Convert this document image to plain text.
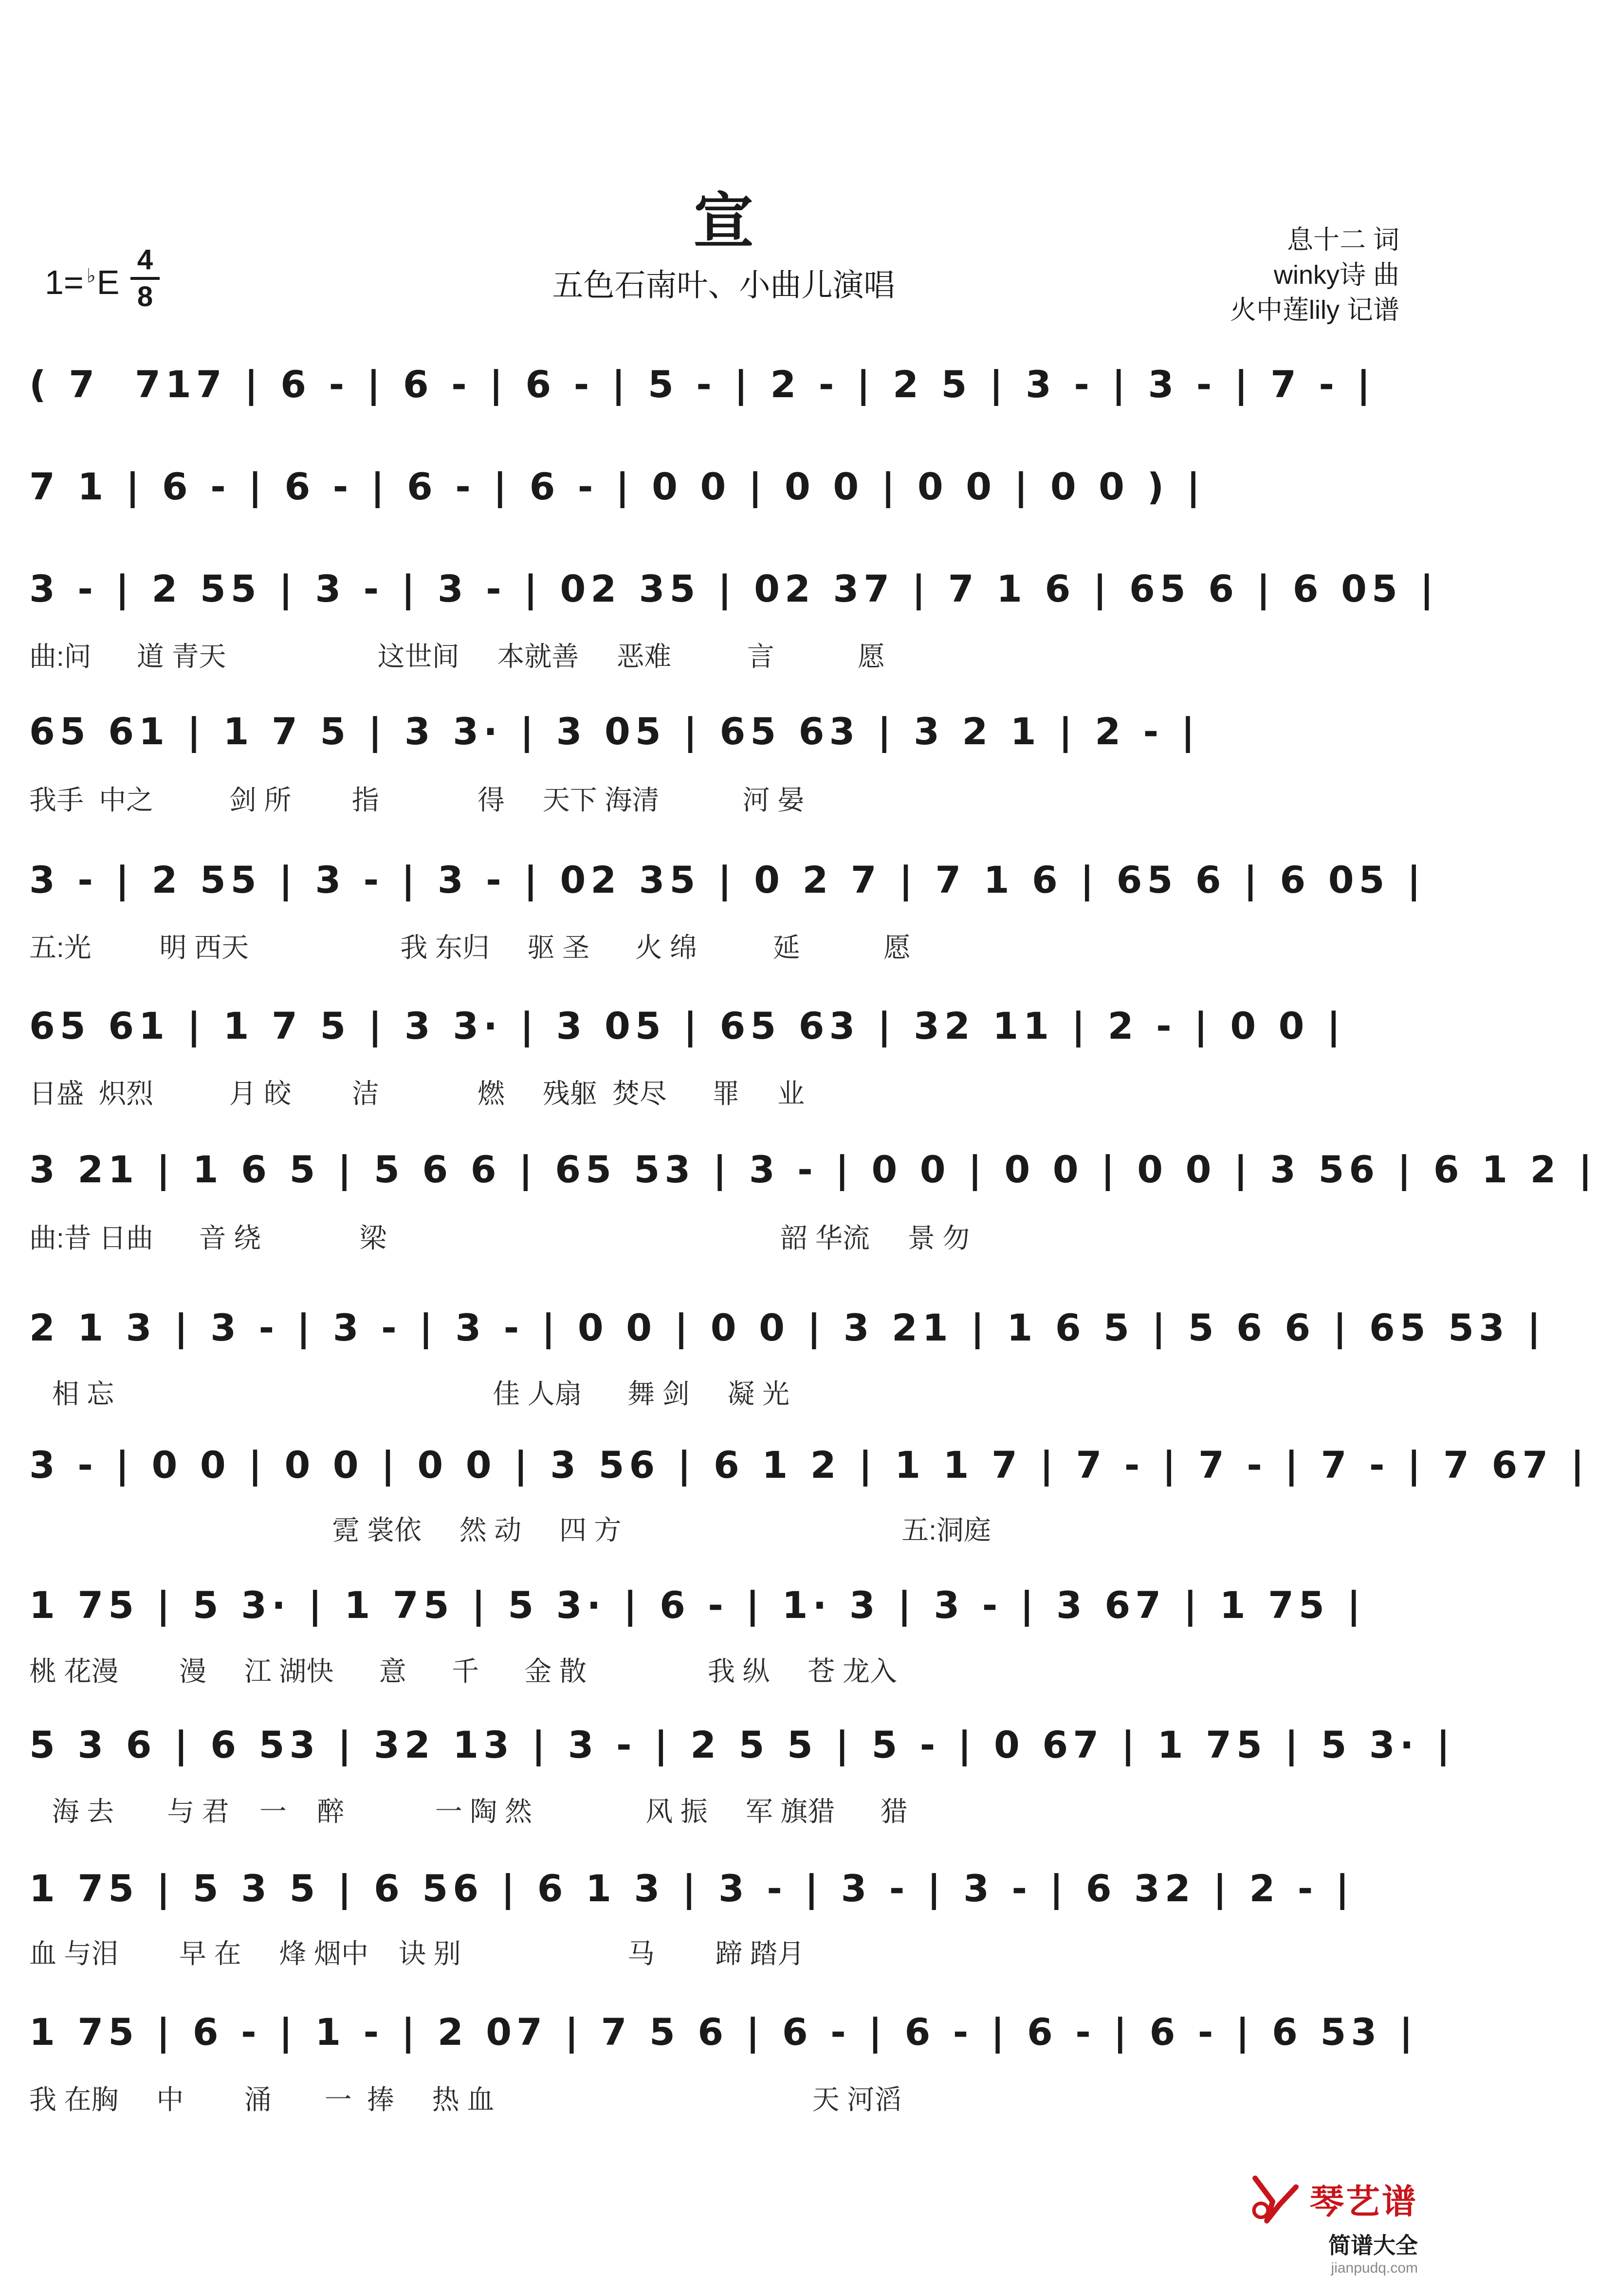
宣
五色石南叶、小曲儿演唱
1= ♭E
4
8
息十二 词
winky诗 曲
火中莲lily 记谱
( 7  717 | 6 - | 6 - | 6 - | 5 - | 2 - | 2 5 | 3 - | 3 - | 7 - |
7 1 | 6 - | 6 - | 6 - | 6 - | 0 0 | 0 0 | 0 0 | 0 0 ) |
3 - | 2 55 | 3 - | 3 - | 02 35 | 02 37 | 7 1 6 | 65 6 | 6 05 |
曲:问      道 青天                    这世间     本就善     恶难          言           愿
65 61 | 1 7 5 | 3 3· | 3 05 | 65 63 | 3 2 1 | 2 - |
我手  中之          剑 所        指             得     天下 海清           河 晏
3 - | 2 55 | 3 - | 3 - | 02 35 | 0 2 7 | 7 1 6 | 65 6 | 6 05 |
五:光         明 西天                    我 东归     驱 圣      火 绵          延           愿
65 61 | 1 7 5 | 3 3· | 3 05 | 65 63 | 32 11 | 2 - | 0 0 |
日盛  炽烈          月 皎        洁             燃     残躯  焚尽      罪     业
3 21 | 1 6 5 | 5 6 6 | 65 53 | 3 - | 0 0 | 0 0 | 0 0 | 3 56 | 6 1 2 |
曲:昔 日曲      音 绕             梁                                                    韶 华流     景 勿
2 1 3 | 3 - | 3 - | 3 - | 0 0 | 0 0 | 3 21 | 1 6 5 | 5 6 6 | 65 53 |
相 忘                                                  佳 人扇      舞 剑     凝 光
3 - | 0 0 | 0 0 | 0 0 | 3 56 | 6 1 2 | 1 1 7 | 7 - | 7 - | 7 - | 7 67 |
霓 裳依     然 动     四 方                                     五:洞庭
1 75 | 5 3· | 1 75 | 5 3· | 6 - | 1· 3 | 3 - | 3 67 | 1 75 |
桃 花漫        漫     江 湖快      意      千      金 散                我 纵     苍 龙入
5 3 6 | 6 53 | 32 13 | 3 - | 2 5 5 | 5 - | 0 67 | 1 75 | 5 3· |
海 去       与 君    一    醉            一 陶 然               风 振     军 旗猎      猎
1 75 | 5 3 5 | 6 56 | 6 1 3 | 3 - | 3 - | 3 - | 6 32 | 2 - |
血 与泪        早 在     烽 烟中    诀 别                      马        蹄 踏月
1 75 | 6 - | 1 - | 2 07 | 7 5 6 | 6 - | 6 - | 6 - | 6 - | 6 53 |
我 在胸     中        涌       一  捧     热 血                                          天 河滔
琴艺谱
简谱大全
jianpudq.com
